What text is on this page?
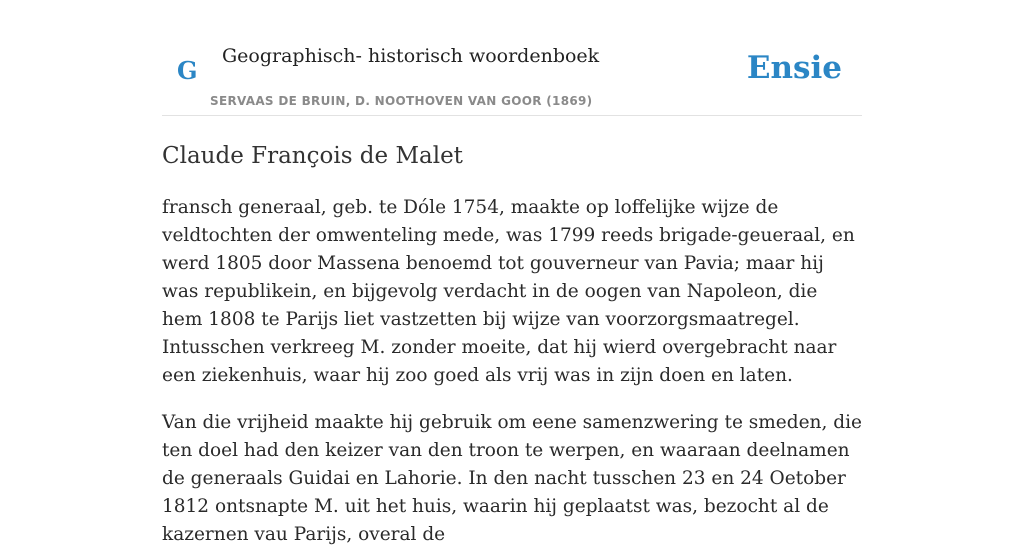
G Geographisch- historisch woordenboek
SERVAAS DE BRUIN, D. NOOTHOVEN VAN GOOR (1869)
Ensie
Claude François de Malet

fransch generaal, geb. te Dóle 1754, maakte op loffelijke wijze de veldtochten der omwenteling mede, was 1799 reeds brigade-geueraal, en werd 1805 door Massena benoemd tot gouverneur van Pavia; maar hij was republikein, en bijgevolg verdacht in de oogen van Napoleon, die hem 1808 te Parijs liet vastzetten bij wijze van voorzorgsmaatregel. Intusschen verkreeg M. zonder moeite, dat hij wierd overgebracht naar een ziekenhuis, waar hij zoo goed als vrij was in zijn doen en laten.

Van die vrijheid maakte hij gebruik om eene samenzwering te smeden, die ten doel had den keizer van den troon te werpen, en waaraan deelnamen de generaals Guidai en Lahorie. In den nacht tusschen 23 en 24 Oetober 1812 ontsnapte M. uit het huis, waarin hij geplaatst was, bezocht al de kazernen vau Parijs, overal de
